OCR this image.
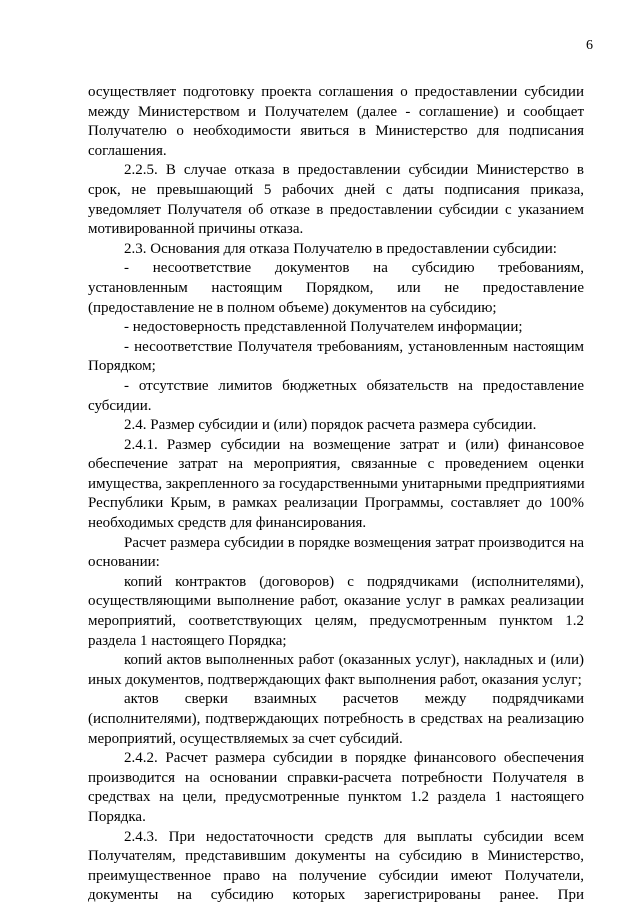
6
осуществляет подготовку проекта соглашения о предоставлении субсидии
между Министерством и Получателем (далее - соглашение) и сообщает
Получателю о необходимости явиться в Министерство для подписания
соглашения.
2.2.5. В случае отказа в предоставлении субсидии Министерство в
срок, не превышающий 5 рабочих дней с даты подписания приказа,
уведомляет Получателя об отказе в предоставлении субсидии с указанием
мотивированной причины отказа.
2.3. Основания для отказа Получателю в предоставлении субсидии:
- несоответствие документов на субсидию требованиям,
установленным настоящим Порядком, или не предоставление
(предоставление не в полном объеме) документов на субсидию;
- недостоверность представленной Получателем информации;
- несоответствие Получателя требованиям, установленным настоящим
Порядком;
- отсутствие лимитов бюджетных обязательств на предоставление
субсидии.
2.4. Размер субсидии и (или) порядок расчета размера субсидии.
2.4.1. Размер субсидии на возмещение затрат и (или) финансовое
обеспечение затрат на мероприятия, связанные с проведением оценки
имущества, закрепленного за государственными унитарными предприятиями
Республики Крым, в рамках реализации Программы, составляет до 100%
необходимых средств для финансирования.
Расчет размера субсидии в порядке возмещения затрат производится на
основании:
копий контрактов (договоров) с подрядчиками (исполнителями),
осуществляющими выполнение работ, оказание услуг в рамках реализации
мероприятий, соответствующих целям, предусмотренным пунктом 1.2
раздела 1 настоящего Порядка;
копий актов выполненных работ (оказанных услуг), накладных и (или)
иных документов, подтверждающих факт выполнения работ, оказания услуг;
актов сверки взаимных расчетов между подрядчиками
(исполнителями), подтверждающих потребность в средствах на реализацию
мероприятий, осуществляемых за счет субсидий.
2.4.2. Расчет размера субсидии в порядке финансового обеспечения
производится на основании справки-расчета потребности Получателя в
средствах на цели, предусмотренные пунктом 1.2 раздела 1 настоящего
Порядка.
2.4.3. При недостаточности средств для выплаты субсидии всем
Получателям, представившим документы на субсидию в Министерство,
преимущественное право на получение субсидии имеют Получатели,
документы на субсидию которых зарегистрированы ранее. При
